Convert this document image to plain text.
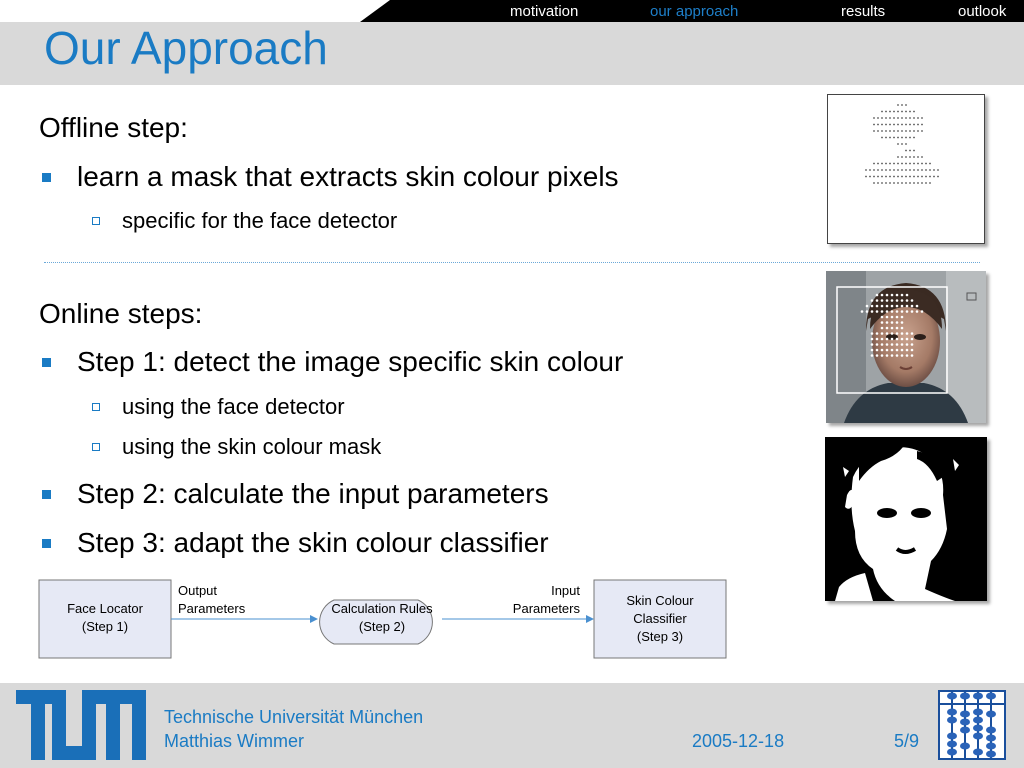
motivation	our approach	results	outlook
Our Approach
Offline step:
learn a mask that extracts skin colour pixels
specific for the face detector
Online steps:
Step 1: detect the image specific skin colour
using the face detector
using the skin colour mask
Step 2: calculate the input parameters
Step 3: adapt the skin colour classifier
Face Locator
(Step 1)
Output
Parameters	Calculation Rules
(Step 2)
Input
Parameters
Skin Colour
Classifier
(Step 3)
Technische Universität München
Matthias Wimmer	2005-12-18	5/9
